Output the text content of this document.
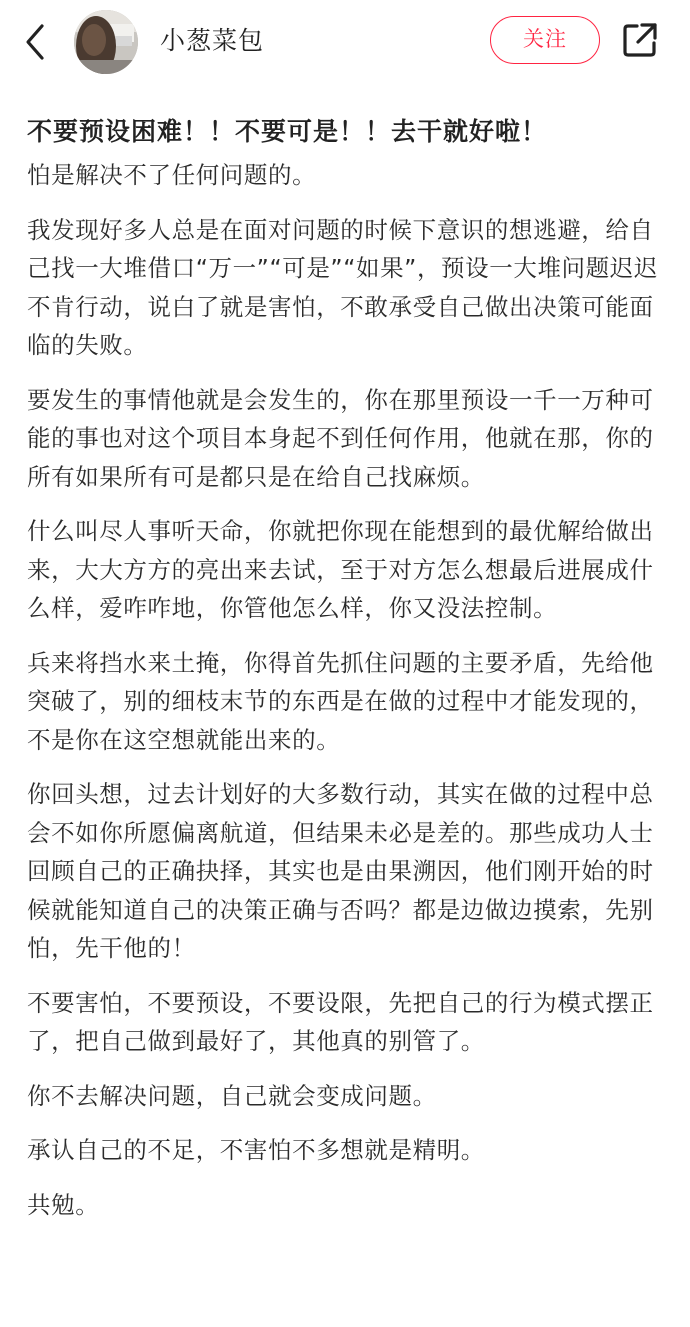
小葱菜包	关注
不要预设困难！！不要可是！！去干就好啦！

怕是解决不了任何问题的。

我发现好多人总是在面对问题的时候下意识的想逃避，给自己找一大堆借口“万一”“可是”“如果”，预设一大堆问题迟迟不肯行动，说白了就是害怕，不敢承受自己做出决策可能面临的失败。

要发生的事情他就是会发生的，你在那里预设一千一万种可能的事也对这个项目本身起不到任何作用，他就在那，你的所有如果所有可是都只是在给自己找麻烦。

什么叫尽人事听天命，你就把你现在能想到的最优解给做出来，大大方方的亮出来去试，至于对方怎么想最后进展成什么样，爱咋咋地，你管他怎么样，你又没法控制。

兵来将挡水来土掩，你得首先抓住问题的主要矛盾，先给他突破了，别的细枝末节的东西是在做的过程中才能发现的，不是你在这空想就能出来的。

你回头想，过去计划好的大多数行动，其实在做的过程中总会不如你所愿偏离航道，但结果未必是差的。那些成功人士回顾自己的正确抉择，其实也是由果溯因，他们刚开始的时候就能知道自己的决策正确与否吗？都是边做边摸索，先别怕，先干他的！

不要害怕，不要预设，不要设限，先把自己的行为模式摆正了，把自己做到最好了，其他真的别管了。

你不去解决问题，自己就会变成问题。

承认自己的不足，不害怕不多想就是精明。

共勉。
